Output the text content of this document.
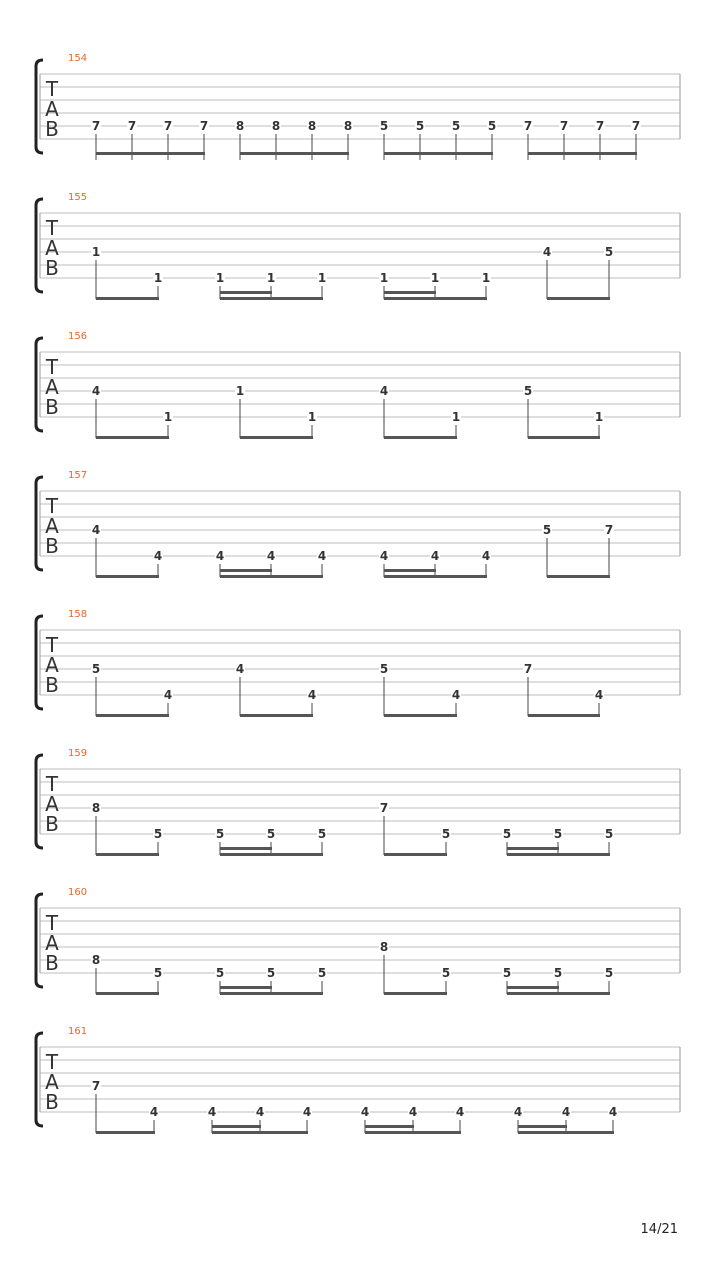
154
T
A
B	7 7 7 7 8 8 8 8 5 5 5 5 7 7 7 7
155
T
A
B
1
1	1	1	1	1	1	1
4	5
156
T
A
B
4
1
1
1
4
1
5
1
157
T
A
B
4
4	4	4	4	4	4	4
5	7
158
T
A
B
5
4
4
4
5
4
7
4
159
T
A
B
8
5	5	5	5
7
5	5	5	5
160
T
A
B	8
5	5	5	5
8
5	5	5	5
161
T
A
B
7
4	4	4	4	4	4	4	4	4	4
14/21
